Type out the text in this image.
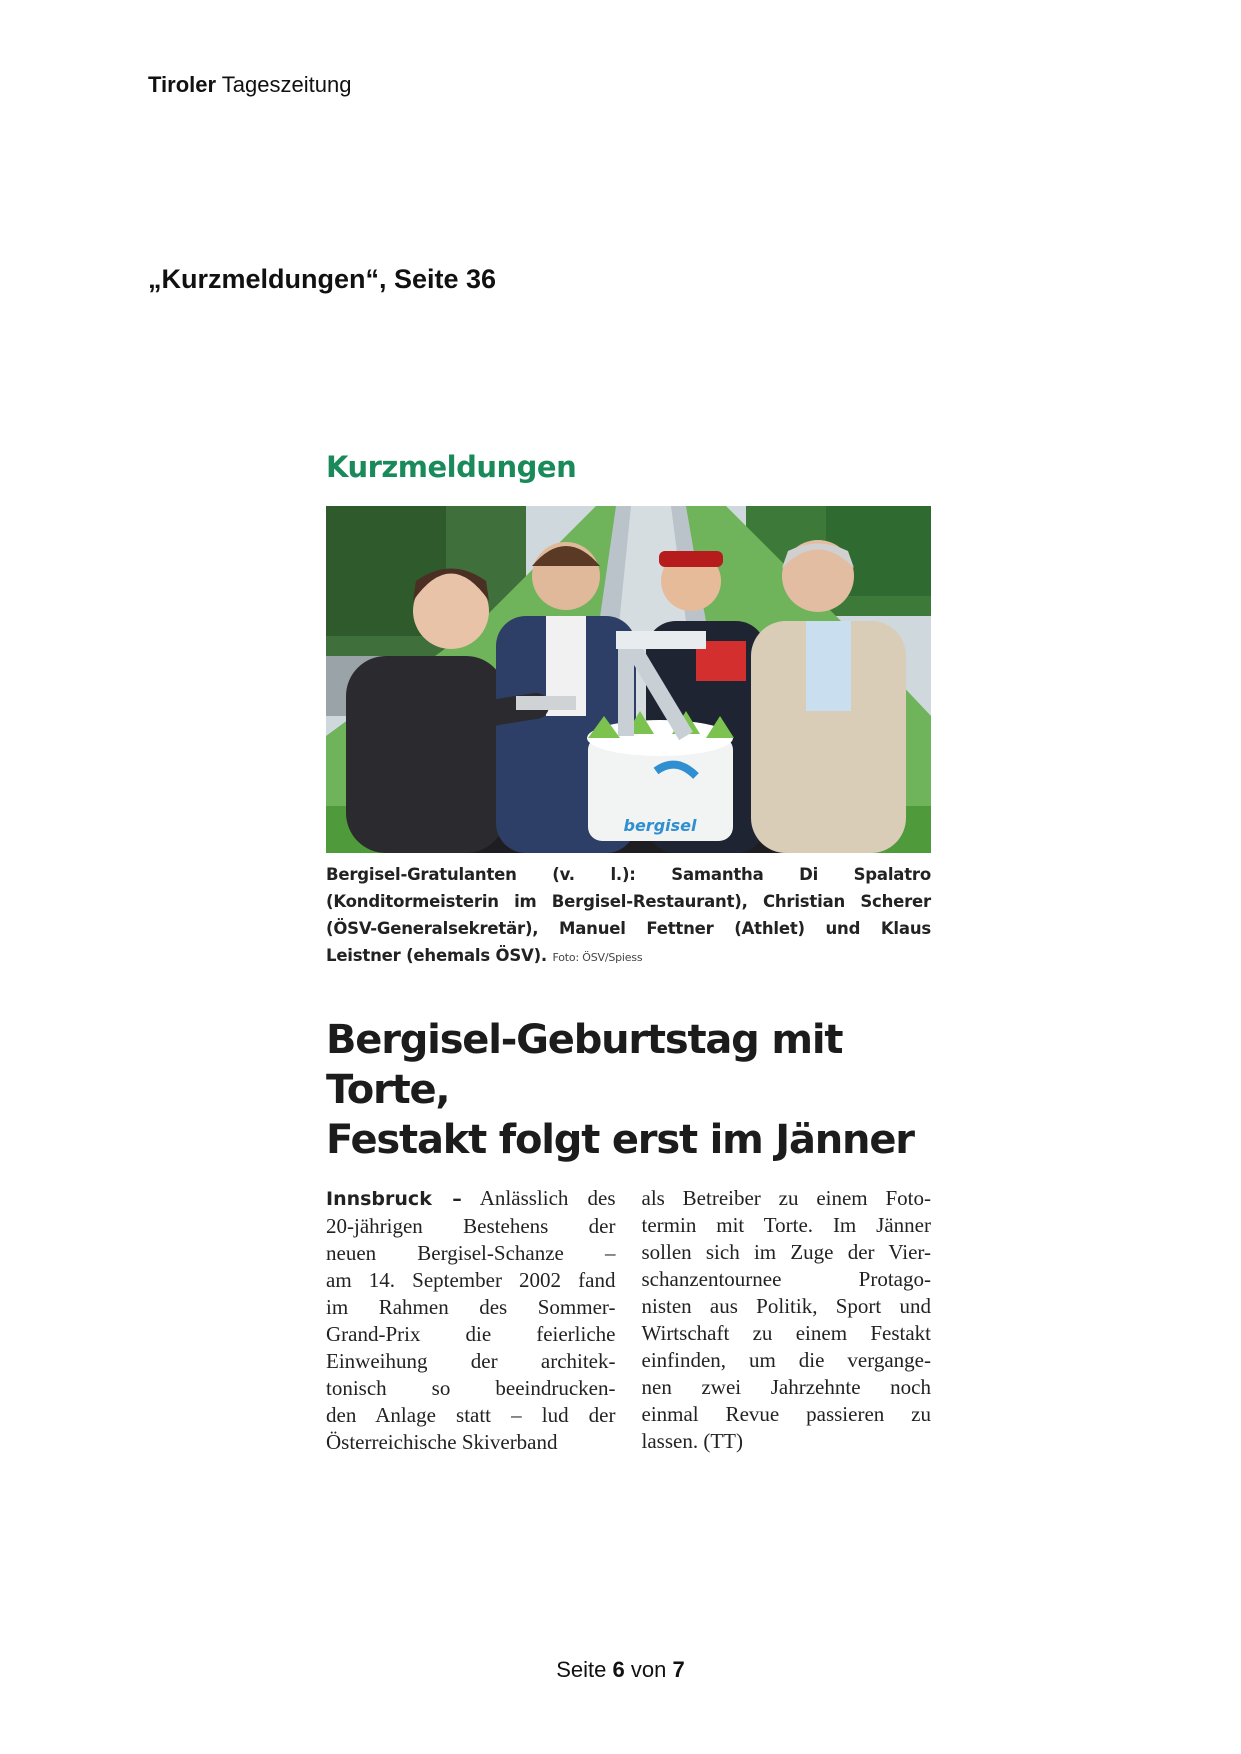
Tiroler Tageszeitung
„Kurzmeldungen“, Seite 36
Kurzmeldungen
bergisel
Bergisel-Gratulanten (v. l.): Samantha Di Spalatro (Konditormeisterin im Bergisel-Restaurant), Christian Scherer (ÖSV-Generalsekretär), Manuel Fettner (Athlet) und Klaus Leistner (ehemals ÖSV). Foto: ÖSV/Spiess
Bergisel-Geburtstag mit Torte,
Festakt folgt erst im Jänner
Innsbruck – Anlässlich des
20-jährigen Bestehens der
neuen Bergisel-Schanze –
am 14. September 2002 fand
im Rahmen des Sommer-
Grand-Prix die feierliche
Einweihung der architek-
tonisch so beeindrucken-
den Anlage statt – lud der
Österreichische Skiverband
als Betreiber zu einem Foto-
termin mit Torte. Im Jänner
sollen sich im Zuge der Vier-
schanzentournee Protago-
nisten aus Politik, Sport und
Wirtschaft zu einem Festakt
einfinden, um die vergange-
nen zwei Jahrzehnte noch
einmal Revue passieren zu
lassen. (TT)
Seite 6 von 7
